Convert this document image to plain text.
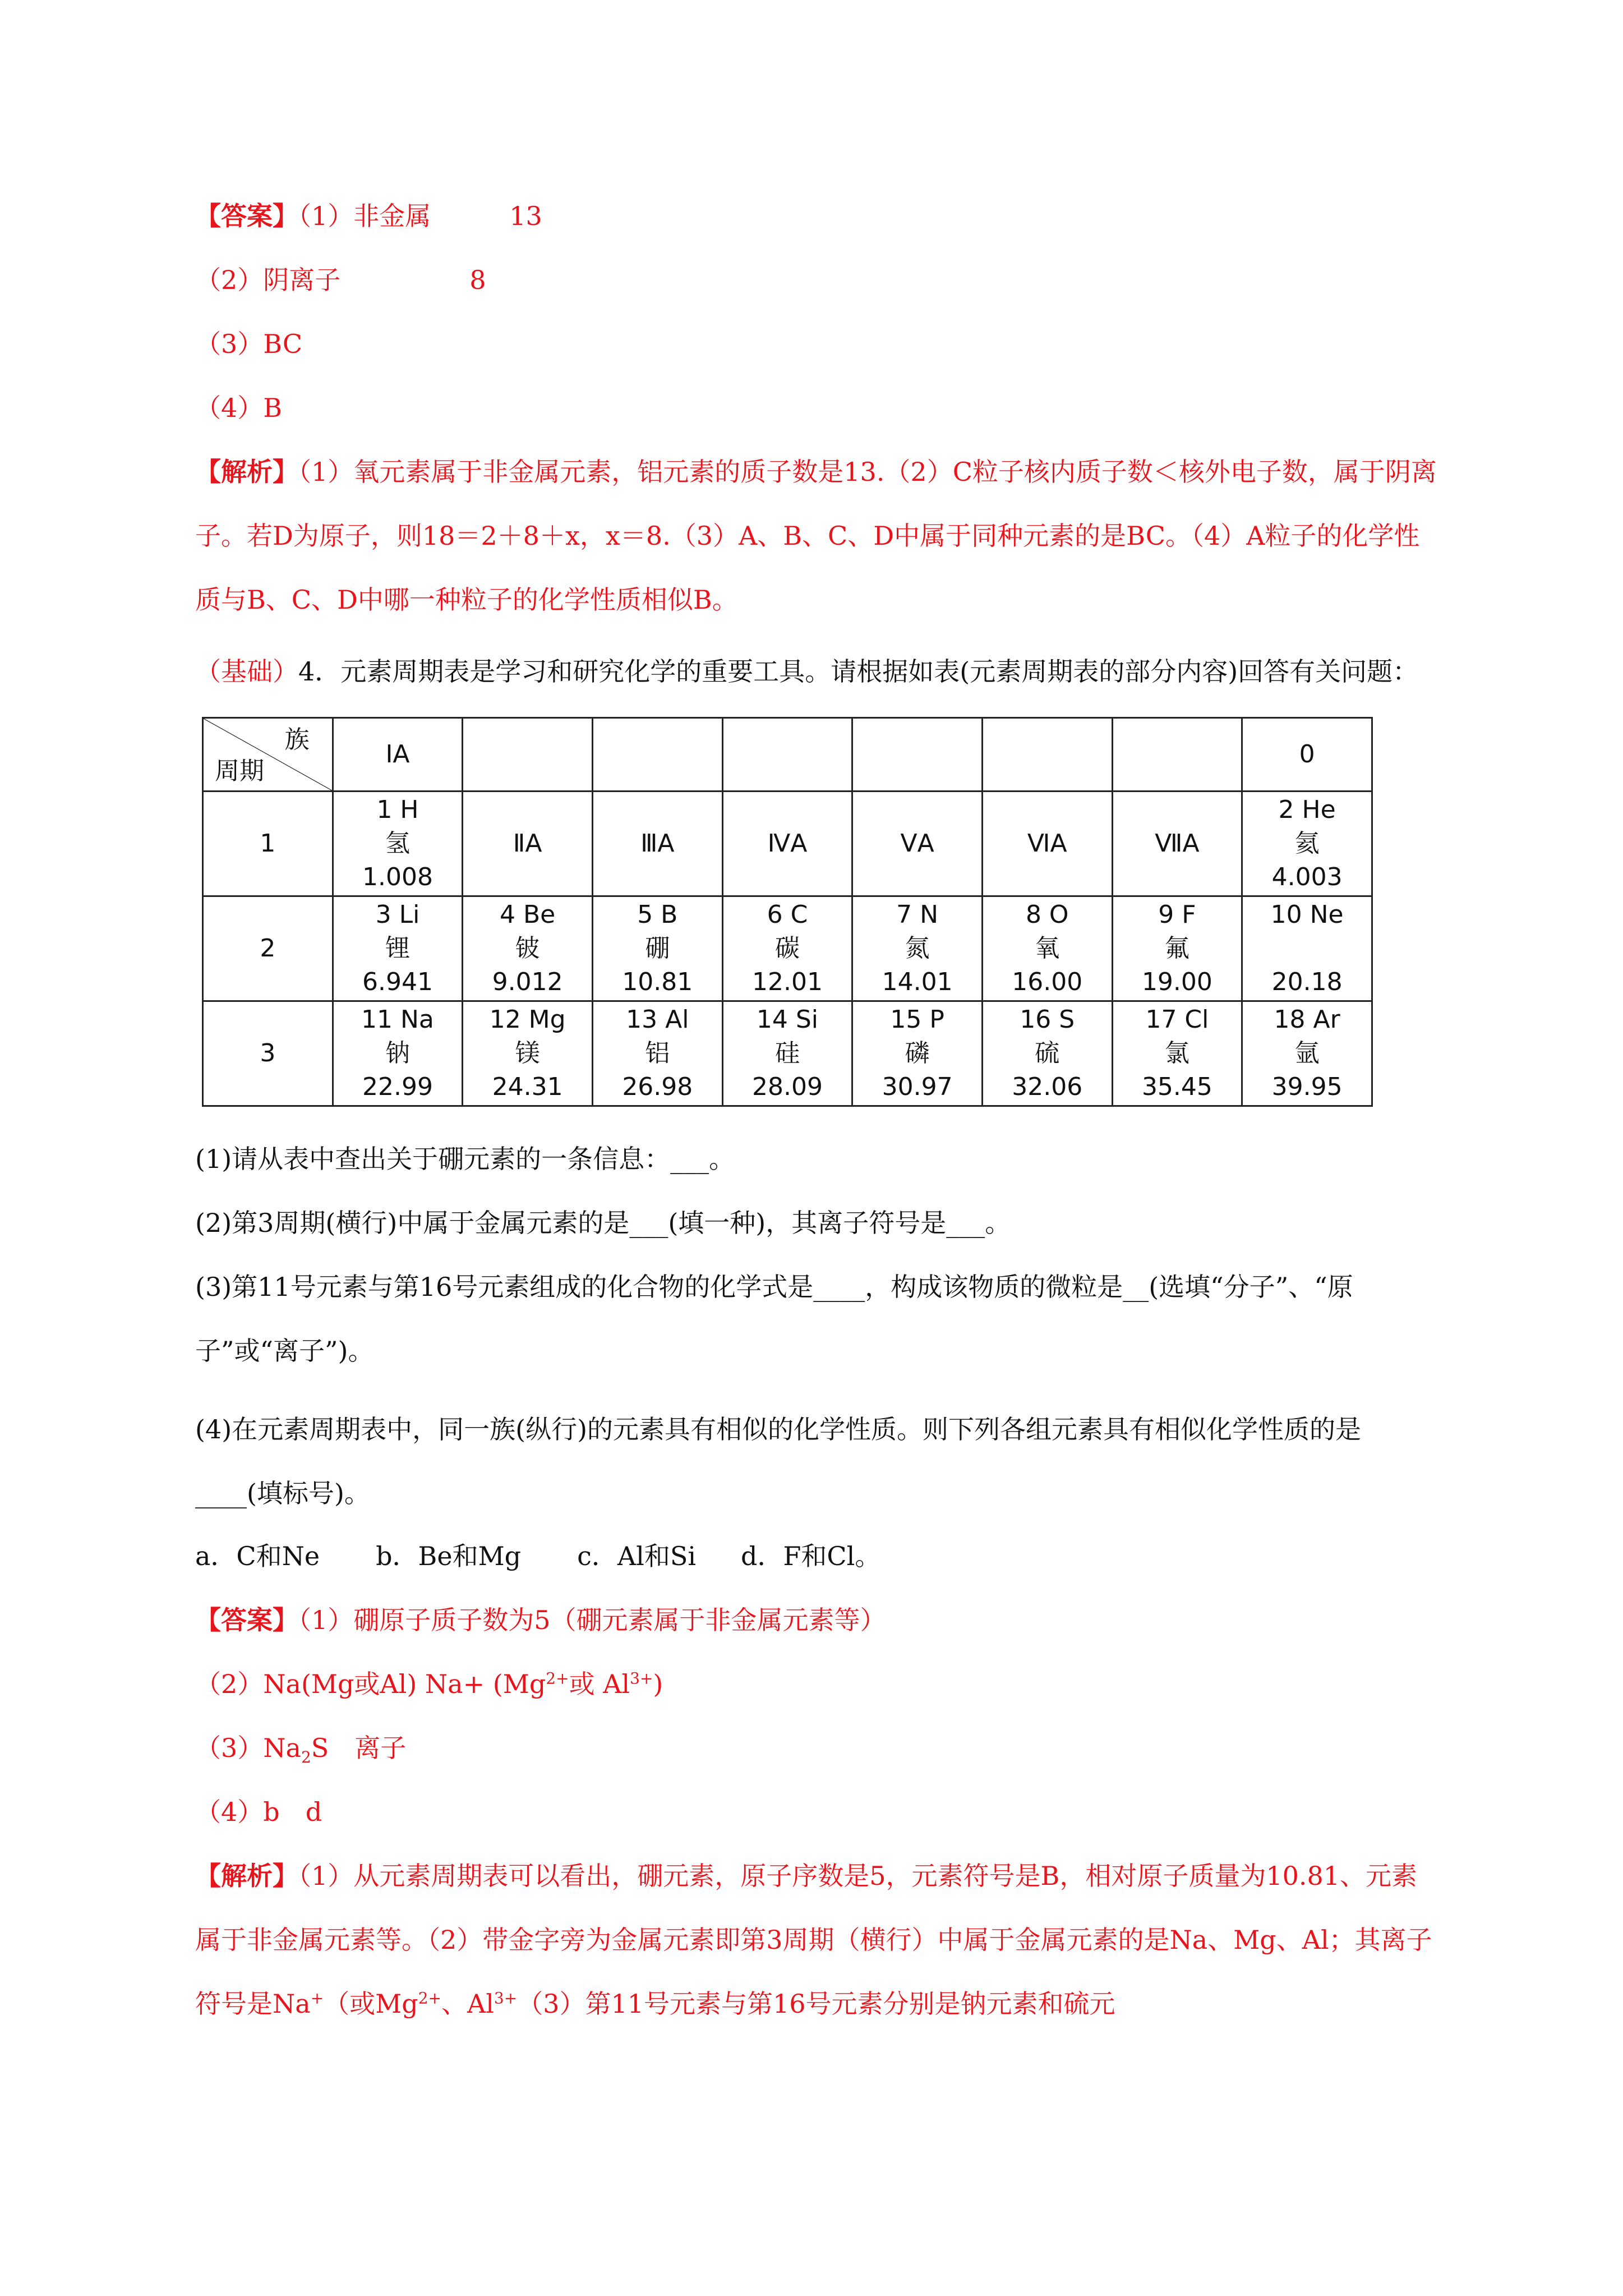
【答案】（1）非金属	13
（2）阴离子	8
（3）BC
（4）B
【解析】（1）氧元素属于非金属元素，铝元素的质子数是13.（2）C粒子核内质子数＜核外电子数，属于阴离子。若D为原子，则18＝2＋8＋x，x＝8.（3）A、B、C、D中属于同种元素的是BC。（4）A粒子的化学性质与B、C、D中哪一种粒子的化学性质相似B。
（基础）4．元素周期表是学习和研究化学的重要工具。请根据如表(元素周期表的部分内容)回答有关问题：
族
周期	ⅠA							0
1	1 H
氢
1.008	ⅡA	ⅢA	ⅣA	ⅤA	ⅥA	ⅦA	2 He
氦
4.003

2	3 Li
锂
6.941	4 Be
铍
9.012	5 B
硼
10.81	6 C
碳
12.01	7 N
氮
14.01	8 O
氧
16.00	9 F
氟
19.00	10 Ne
20.18

3	11 Na
钠
22.99	12 Mg
镁
24.31	13 Al
铝
26.98	14 Si
硅
28.09	15 P
磷
30.97	16 S
硫
32.06	17 Cl
氯
35.45	18 Ar
氩
39.95
(1)请从表中查出关于硼元素的一条信息：___。
(2)第3周期(横行)中属于金属元素的是___(填一种)，其离子符号是___。
(3)第11号元素与第16号元素组成的化合物的化学式是____，构成该物质的微粒是__(选填“分子”、“原子”或“离子”)。
(4)在元素周期表中，同一族(纵行)的元素具有相似的化学性质。则下列各组元素具有相似化学性质的是____(填标号)。
a．C和Ne b．Be和Mg c．Al和Si d．F和Cl。
【答案】（1）硼原子质子数为5（硼元素属于非金属元素等）
（2）Na(Mg或Al) $Na+ (Mg^{2+}$或 $Al^{3+}$)
$(3)Na_2S$　离子
（4）b　d
【解析】（1）从元素周期表可以看出，硼元素，原子序数是5，元素符号是B，相对原子质量为10.81、元素属于非金属元素等。（2）带金字旁为金属元素即第3周期（横行）中属于金属元素的是Na、Mg、Al；其离子符号是Na+（或$Mg^{2+}$、$Al^{3+}(3)$第11号元素与第16号元素分别是钠元素和硫元
